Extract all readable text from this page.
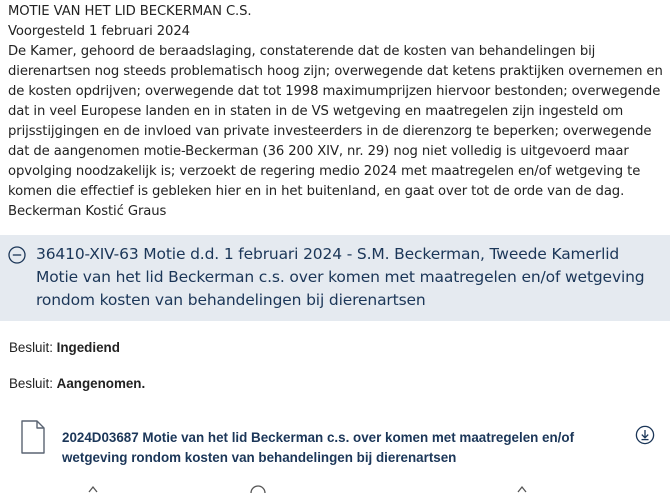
MOTIE VAN HET LID BECKERMAN C.S.
Voorgesteld 1 februari 2024
De Kamer, gehoord de beraadslaging, constaterende dat de kosten van behandelingen bij dierenartsen nog steeds problematisch hoog zijn; overwegende dat ketens praktijken overnemen en de kosten opdrijven; overwegende dat tot 1998 maximumprijzen hiervoor bestonden; overwegende dat in veel Europese landen en in staten in de VS wetgeving en maatregelen zijn ingesteld om prijsstijgingen en de invloed van private investeerders in de dierenzorg te beperken; overwegende dat de aangenomen motie-Beckerman (36 200 XIV, nr. 29) nog niet volledig is uitgevoerd maar opvolging noodzakelijk is; verzoekt de regering medio 2024 met maatregelen en/of wetgeving te komen die effectief is gebleken hier en in het buitenland, en gaat over tot de orde van de dag. Beckerman Kostić Graus
36410-XIV-63 Motie d.d. 1 februari 2024 - S.M. Beckerman, Tweede Kamerlid Motie van het lid Beckerman c.s. over komen met maatregelen en/of wetgeving rondom kosten van behandelingen bij dierenartsen
Besluit: Ingediend
Besluit: Aangenomen.
2024D03687 Motie van het lid Beckerman c.s. over komen met maatregelen en/of wetgeving rondom kosten van behandelingen bij dierenartsen
